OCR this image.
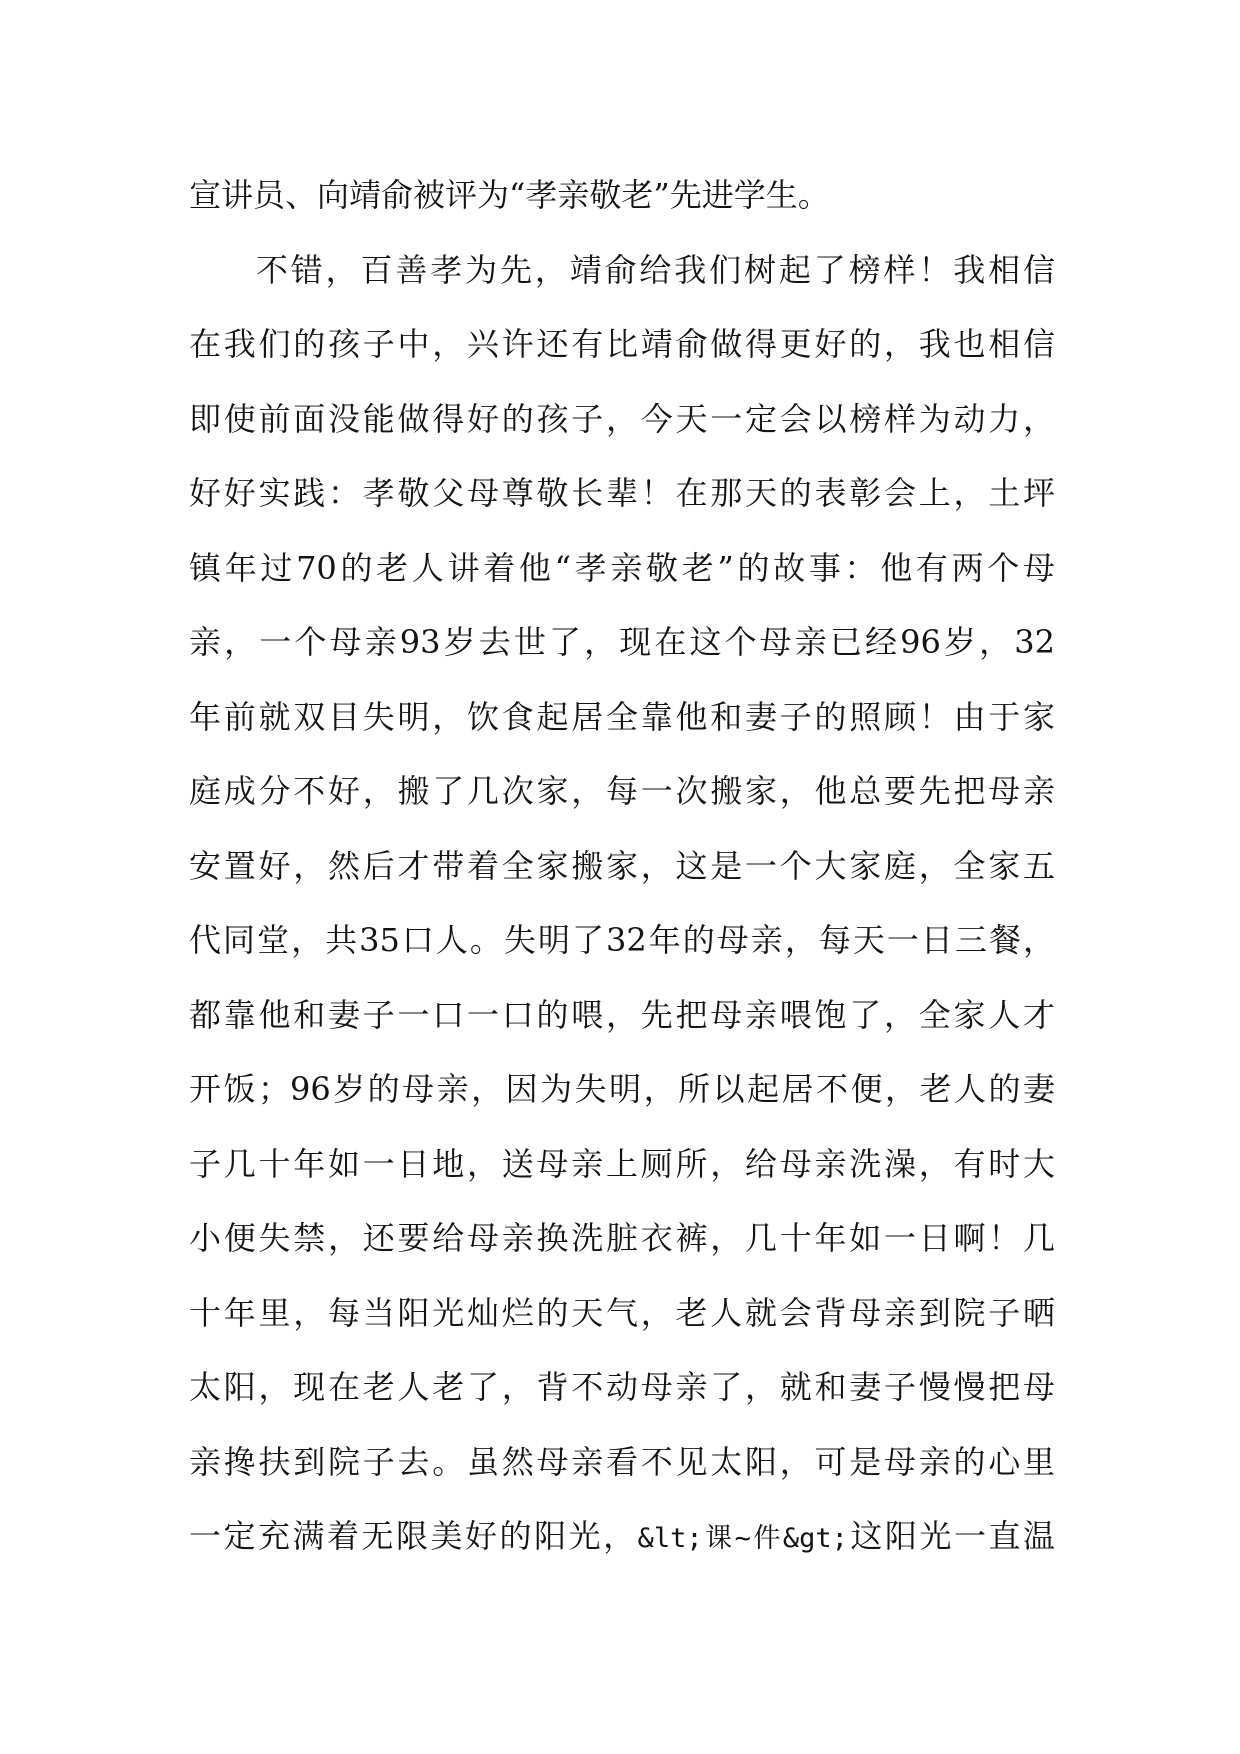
宣讲员、向靖俞被评为“孝亲敬老”先进学生。
不错，百善孝为先，靖俞给我们树起了榜样！我相信
在我们的孩子中，兴许还有比靖俞做得更好的，我也相信
即使前面没能做得好的孩子，今天一定会以榜样为动力，
好好实践：孝敬父母尊敬长辈！在那天的表彰会上，土坪
镇年过70的老人讲着他“孝亲敬老”的故事：他有两个母
亲，一个母亲93岁去世了，现在这个母亲已经96岁，32
年前就双目失明，饮食起居全靠他和妻子的照顾！由于家
庭成分不好，搬了几次家，每一次搬家，他总要先把母亲
安置好，然后才带着全家搬家，这是一个大家庭，全家五
代同堂，共35口人。失明了32年的母亲，每天一日三餐，
都靠他和妻子一口一口的喂，先把母亲喂饱了，全家人才
开饭；96岁的母亲，因为失明，所以起居不便，老人的妻
子几十年如一日地，送母亲上厕所，给母亲洗澡，有时大
小便失禁，还要给母亲换洗脏衣裤，几十年如一日啊！几
十年里，每当阳光灿烂的天气，老人就会背母亲到院子晒
太阳，现在老人老了，背不动母亲了，就和妻子慢慢把母
亲搀扶到院子去。虽然母亲看不见太阳，可是母亲的心里
一定充满着无限美好的阳光，&lt;课~件&gt;这阳光一直温
